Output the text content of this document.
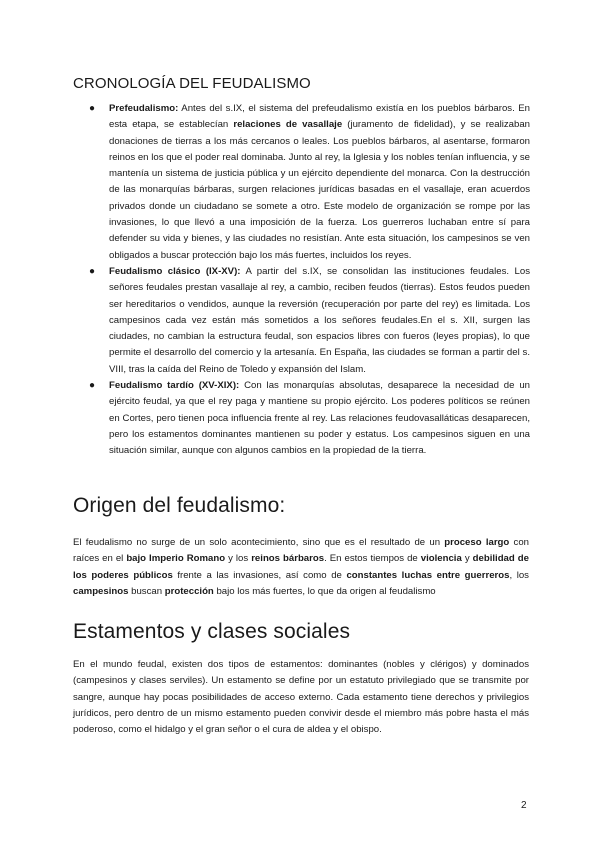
CRONOLOGÍA DEL FEUDALISMO
● Prefeudalismo: Antes del s.IX, el sistema del prefeudalismo existía en los pueblos bárbaros. En esta etapa, se establecían relaciones de vasallaje (juramento de fidelidad), y se realizaban donaciones de tierras a los más cercanos o leales. Los pueblos bárbaros, al asentarse, formaron reinos en los que el poder real dominaba. Junto al rey, la Iglesia y los nobles tenían influencia, y se mantenía un sistema de justicia pública y un ejército dependiente del monarca. Con la destrucción de las monarquías bárbaras, surgen relaciones jurídicas basadas en el vasallaje, eran acuerdos privados donde un ciudadano se somete a otro. Este modelo de organización se rompe por las invasiones, lo que llevó a una imposición de la fuerza. Los guerreros luchaban entre sí para defender su vida y bienes, y las ciudades no resistían. Ante esta situación, los campesinos se ven obligados a buscar protección bajo los más fuertes, incluidos los reyes.
● Feudalismo clásico (IX-XV): A partir del s.IX, se consolidan las instituciones feudales. Los señores feudales prestan vasallaje al rey, a cambio, reciben feudos (tierras). Estos feudos pueden ser hereditarios o vendidos, aunque la reversión (recuperación por parte del rey) es limitada. Los campesinos cada vez están más sometidos a los señores feudales.En el s. XII, surgen las ciudades, no cambian la estructura feudal, son espacios libres con fueros (leyes propias), lo que permite el desarrollo del comercio y la artesanía. En España, las ciudades se forman a partir del s. VIII, tras la caída del Reino de Toledo y expansión del Islam.
● Feudalismo tardío (XV-XIX): Con las monarquías absolutas, desaparece la necesidad de un ejército feudal, ya que el rey paga y mantiene su propio ejército. Los poderes políticos se reúnen en Cortes, pero tienen poca influencia frente al rey. Las relaciones feudovasalláticas desaparecen, pero los estamentos dominantes mantienen su poder y estatus. Los campesinos siguen en una situación similar, aunque con algunos cambios en la propiedad de la tierra.
Origen del feudalismo:

El feudalismo no surge de un solo acontecimiento, sino que es el resultado de un proceso largo con raíces en el bajo Imperio Romano y los reinos bárbaros. En estos tiempos de violencia y debilidad de los poderes públicos frente a las invasiones, así como de constantes luchas entre guerreros, los campesinos buscan protección bajo los más fuertes, lo que da origen al feudalismo

Estamentos y clases sociales

En el mundo feudal, existen dos tipos de estamentos: dominantes (nobles y clérigos) y dominados (campesinos y clases serviles). Un estamento se define por un estatuto privilegiado que se transmite por sangre, aunque hay pocas posibilidades de acceso externo. Cada estamento tiene derechos y privilegios jurídicos, pero dentro de un mismo estamento pueden convivir desde el miembro más pobre hasta el más poderoso, como el hidalgo y el gran señor o el cura de aldea y el obispo.

2
